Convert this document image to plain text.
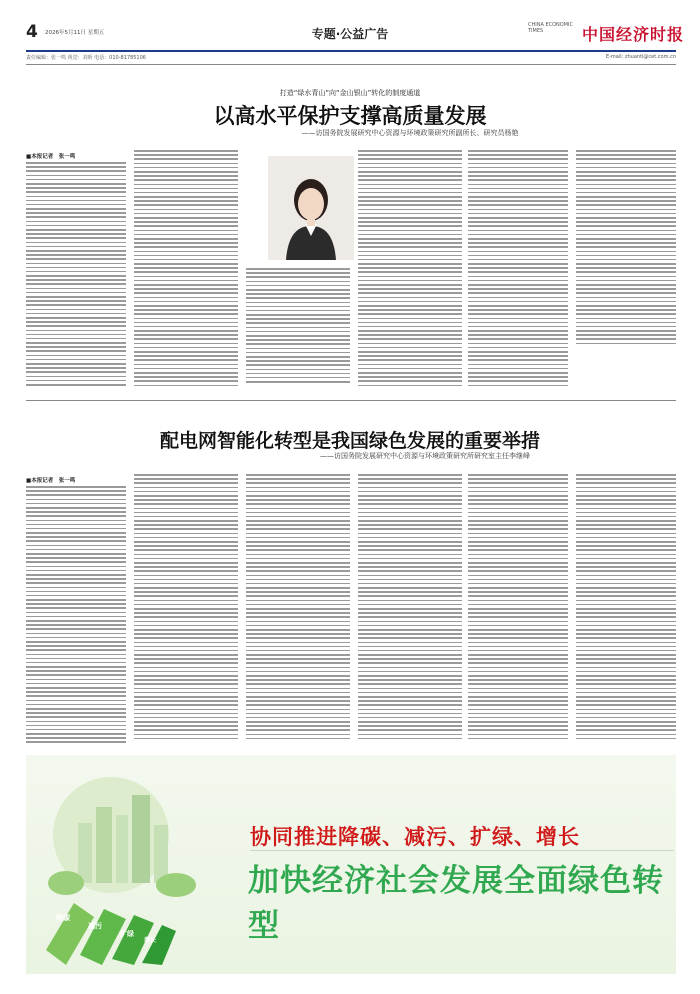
4 2026年5月11日 星期五	专题·公益广告
CHINA ECONOMIC TIMES	中国经济时报
责任编辑：张一鸣 视觉：刘昕 电话：010-81785106	E-mail: zhuanti@cet.com.cn
打造“绿水青山”向“金山银山”转化的制度通道
以高水平保护支撑高质量发展
——访国务院发展研究中心资源与环境政策研究所副所长、研究员杨艳
■本报记者　张一鸣
配电网智能化转型是我国绿色发展的重要举措
——访国务院发展研究中心资源与环境政策研究所研究室主任李继峰
■本报记者　张一鸣
降碳
减污
扩绿
增长
协同推进降碳、减污、扩绿、增长
加快经济社会发展全面绿色转型
